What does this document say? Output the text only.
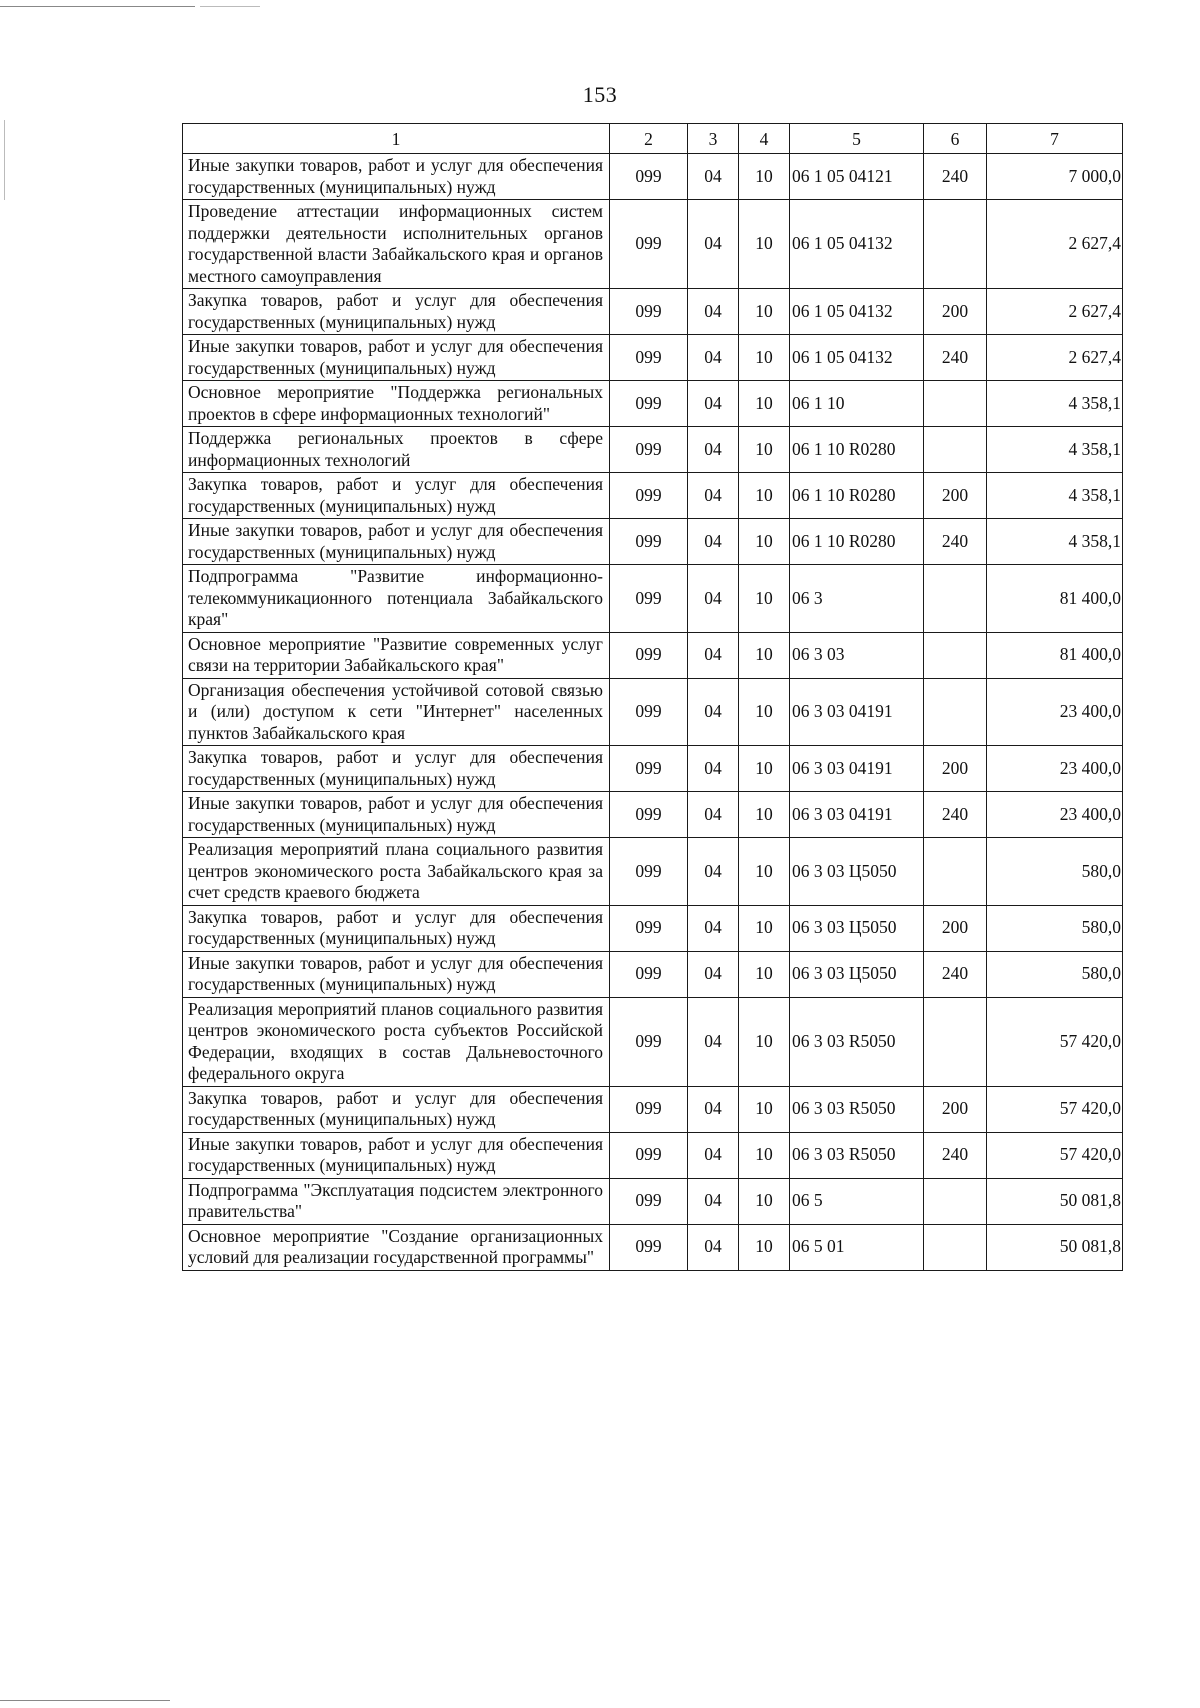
153
1	2	3	4	5	6	7
Иные закупки товаров, работ и услуг для обеспечения государственных (муниципальных) нужд	099	04	10	06 1 05 04121	240	7 000,0
Проведение аттестации информационных систем поддержки деятельности исполнительных органов государственной власти Забайкальского края и органов местного самоуправления	099	04	10	06 1 05 04132		2 627,4
Закупка товаров, работ и услуг для обеспечения государственных (муниципальных) нужд	099	04	10	06 1 05 04132	200	2 627,4
Иные закупки товаров, работ и услуг для обеспечения государственных (муниципальных) нужд	099	04	10	06 1 05 04132	240	2 627,4
Основное мероприятие "Поддержка региональных проектов в сфере информационных технологий"	099	04	10	06 1 10		4 358,1
Поддержка региональных проектов в сфере информационных технологий	099	04	10	06 1 10 R0280		4 358,1
Закупка товаров, работ и услуг для обеспечения государственных (муниципальных) нужд	099	04	10	06 1 10 R0280	200	4 358,1
Иные закупки товаров, работ и услуг для обеспечения государственных (муниципальных) нужд	099	04	10	06 1 10 R0280	240	4 358,1
Подпрограмма "Развитие информационно-телекоммуникационного потенциала Забайкальского края"	099	04	10	06 3		81 400,0
Основное мероприятие "Развитие современных услуг связи на территории Забайкальского края"	099	04	10	06 3 03		81 400,0
Организация обеспечения устойчивой сотовой связью и (или) доступом к сети "Интернет" населенных пунктов Забайкальского края	099	04	10	06 3 03 04191		23 400,0
Закупка товаров, работ и услуг для обеспечения государственных (муниципальных) нужд	099	04	10	06 3 03 04191	200	23 400,0
Иные закупки товаров, работ и услуг для обеспечения государственных (муниципальных) нужд	099	04	10	06 3 03 04191	240	23 400,0
Реализация мероприятий плана социального развития центров экономического роста Забайкальского края за счет средств краевого бюджета	099	04	10	06 3 03 Ц5050		580,0
Закупка товаров, работ и услуг для обеспечения государственных (муниципальных) нужд	099	04	10	06 3 03 Ц5050	200	580,0
Иные закупки товаров, работ и услуг для обеспечения государственных (муниципальных) нужд	099	04	10	06 3 03 Ц5050	240	580,0
Реализация мероприятий планов социального развития центров экономического роста субъектов Российской Федерации, входящих в состав Дальневосточного федерального округа	099	04	10	06 3 03 R5050		57 420,0
Закупка товаров, работ и услуг для обеспечения государственных (муниципальных) нужд	099	04	10	06 3 03 R5050	200	57 420,0
Иные закупки товаров, работ и услуг для обеспечения государственных (муниципальных) нужд	099	04	10	06 3 03 R5050	240	57 420,0
Подпрограмма "Эксплуатация подсистем электронного правительства"	099	04	10	06 5		50 081,8
Основное мероприятие "Создание организационных условий для реализации государственной программы"	099	04	10	06 5 01		50 081,8
